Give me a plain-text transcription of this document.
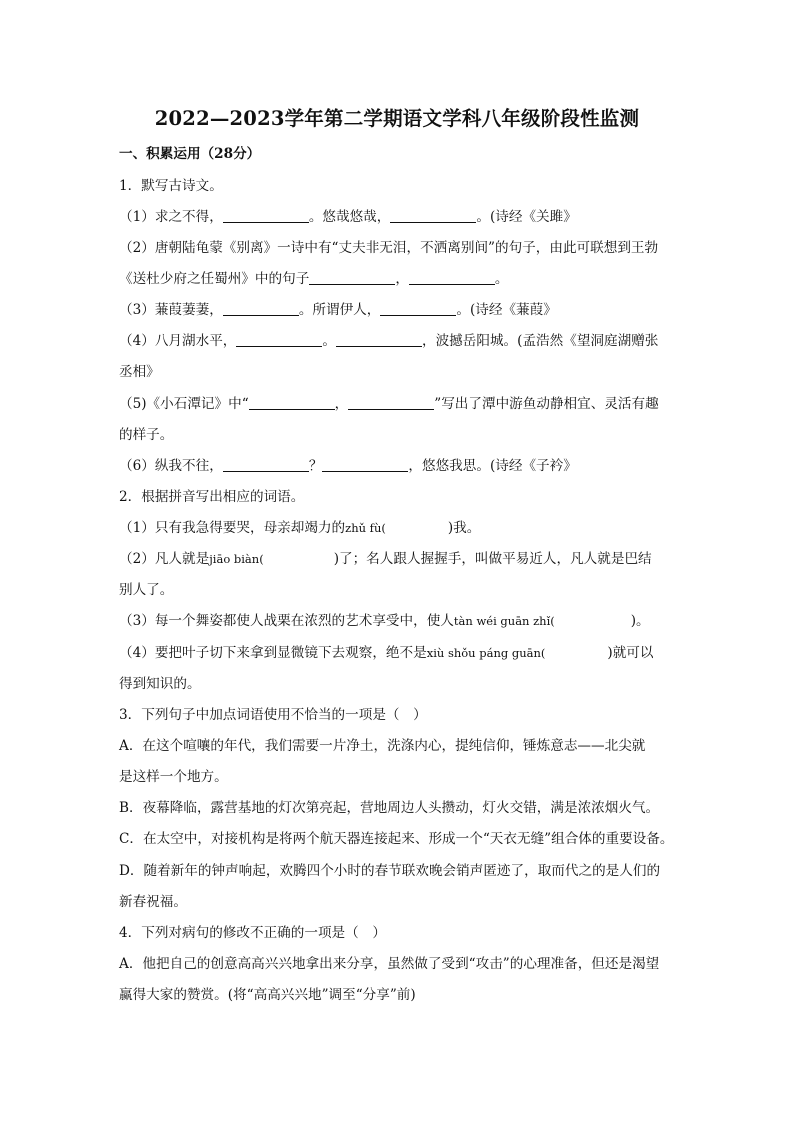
2022—2023学年第二学期语文学科八年级阶段性监测
一、积累运用（28分）
1．默写古诗文。
（1）求之不得，	。悠哉悠哉，	。(诗经《关雎》
（2）唐朝陆龟蒙《别离》一诗中有“丈夫非无泪，不洒离别间”的句子，由此可联想到王勃
《送杜少府之任蜀州》中的句子	，	。
（3）蒹葭萋萋，	。所谓伊人，	。(诗经《蒹葭》
（4）八月湖水平，	。	，波撼岳阳城。(孟浩然《望洞庭湖赠张
丞相》
（5)《小石潭记》中“	，	”写出了潭中游鱼动静相宜、灵活有趣
的样子。
（6）纵我不往，	？	，悠悠我思。(诗经《子衿》
2．根据拼音写出相应的词语。
（1）只有我急得要哭，母亲却竭力的zhǔ fù(	)我。
（2）凡人就是jiāo biàn(	)了；名人跟人握握手，叫做平易近人，凡人就是巴结
别人了。
（3）每一个舞姿都使人战栗在浓烈的艺术享受中，使人tàn wéi guān zhǐ(	)。
（4）要把叶子切下来拿到显微镜下去观察，绝不是xiù shǒu páng guān(	)就可以
得到知识的。
3．下列句子中加点词语使用不恰当的一项是（　）
A．在这个喧嚷的年代，我们需要一片净土，洗涤内心，提纯信仰，锤炼意志——北尖就
是这样一个地方。
B．夜幕降临，露营基地的灯次第亮起，营地周边人头攒动，灯火交错，满是浓浓烟火气。
C．在太空中，对接机构是将两个航天器连接起来、形成一个“天衣无缝”组合体的重要设备。
D．随着新年的钟声响起，欢腾四个小时的春节联欢晚会销声匿迹了，取而代之的是人们的
新春祝福。
4．下列对病句的修改不正确的一项是（　）
A．他把自己的创意高高兴兴地拿出来分享，虽然做了受到“攻击”的心理准备，但还是渴望
赢得大家的赞赏。(将“高高兴兴地”调至“分享”前)
